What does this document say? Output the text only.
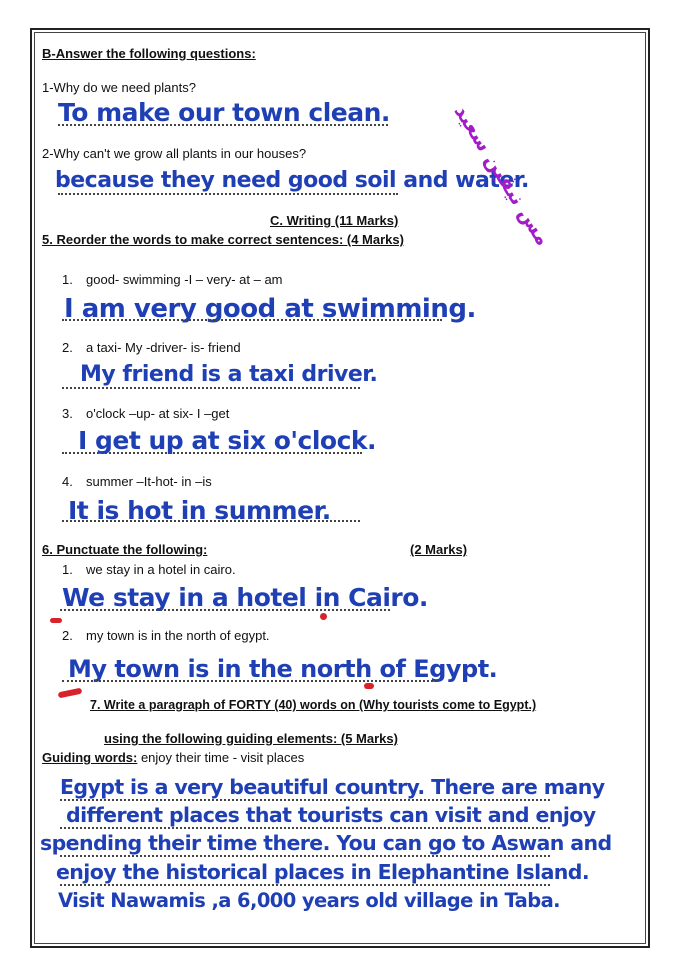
B-Answer the following questions:
1-Why do we need plants?
To make our town clean.
2-Why can't we grow all plants in our houses?
because they need good soil and water.
مس نيڤين سعيد
C. Writing (11 Marks)
5. Reorder the words to make correct sentences: (4 Marks)
1. good- swimming -I – very- at – am
I am very good at swimming.
2. a taxi- My -driver- is- friend
My friend is a taxi driver.
3. o'clock –up- at six- I –get
I get up at six o'clock.
4. summer –It-hot- in –is
It is hot in summer.
6. Punctuate the following:	(2 Marks)
1. we stay in a hotel in cairo.
We stay in a hotel in Cairo.
2. my town is in the north of egypt.
My town is in the north of Egypt.
7. Write a paragraph of FORTY (40) words on (Why tourists come to Egypt.)
using the following guiding elements: (5 Marks)
Guiding words: enjoy their time - visit places
Egypt is a very beautiful country. There are many
different places that tourists can visit and enjoy
spending their time there. You can go to Aswan and
enjoy the historical places in Elephantine Island.
Visit Nawamis ,a 6,000 years old village in Taba.
